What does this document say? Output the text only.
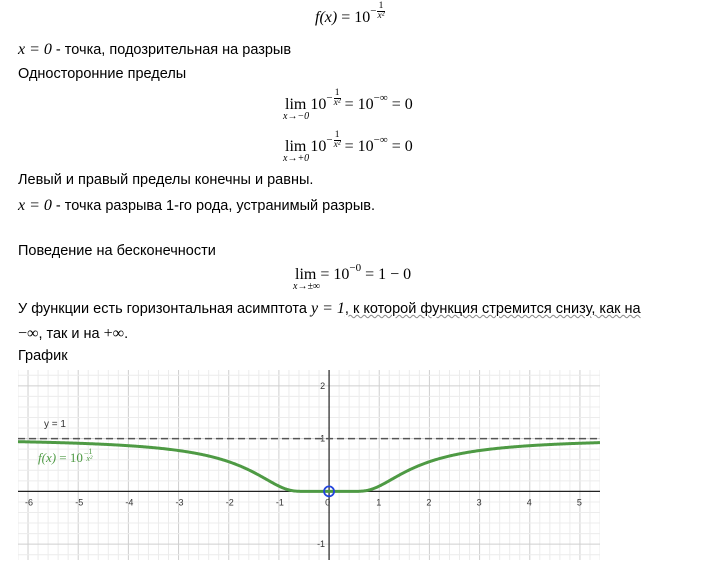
$f(x) = 10^{- \frac{1}{\text{x²}}}$
x = 0 - точка, подозрительная на разрыв
Односторонние пределы
lim
x→−0
$10^{- \frac{1}{\text{x²}}} = 10^{-\infty} = 0$
lim
x→+0
$10^{- \frac{1}{\text{x²}}} = 10^{-\infty} = 0$
Левый и правый пределы конечны и равны.
x = 0 - точка разрыва 1-го рода, устранимый разрыв.
Поведение на бесконечности
lim
x→±∞
= $10^{-0} = 1 - 0$
У функции есть горизонтальная асимптота y = 1, к которой функция стремится снизу, как на
−∞, так и на +∞.
График
-6	-5	-4	-3	-2	-1	0	1	2	3	4	5
2
1
-1
y = 1
f(x) = 10−1 x²
